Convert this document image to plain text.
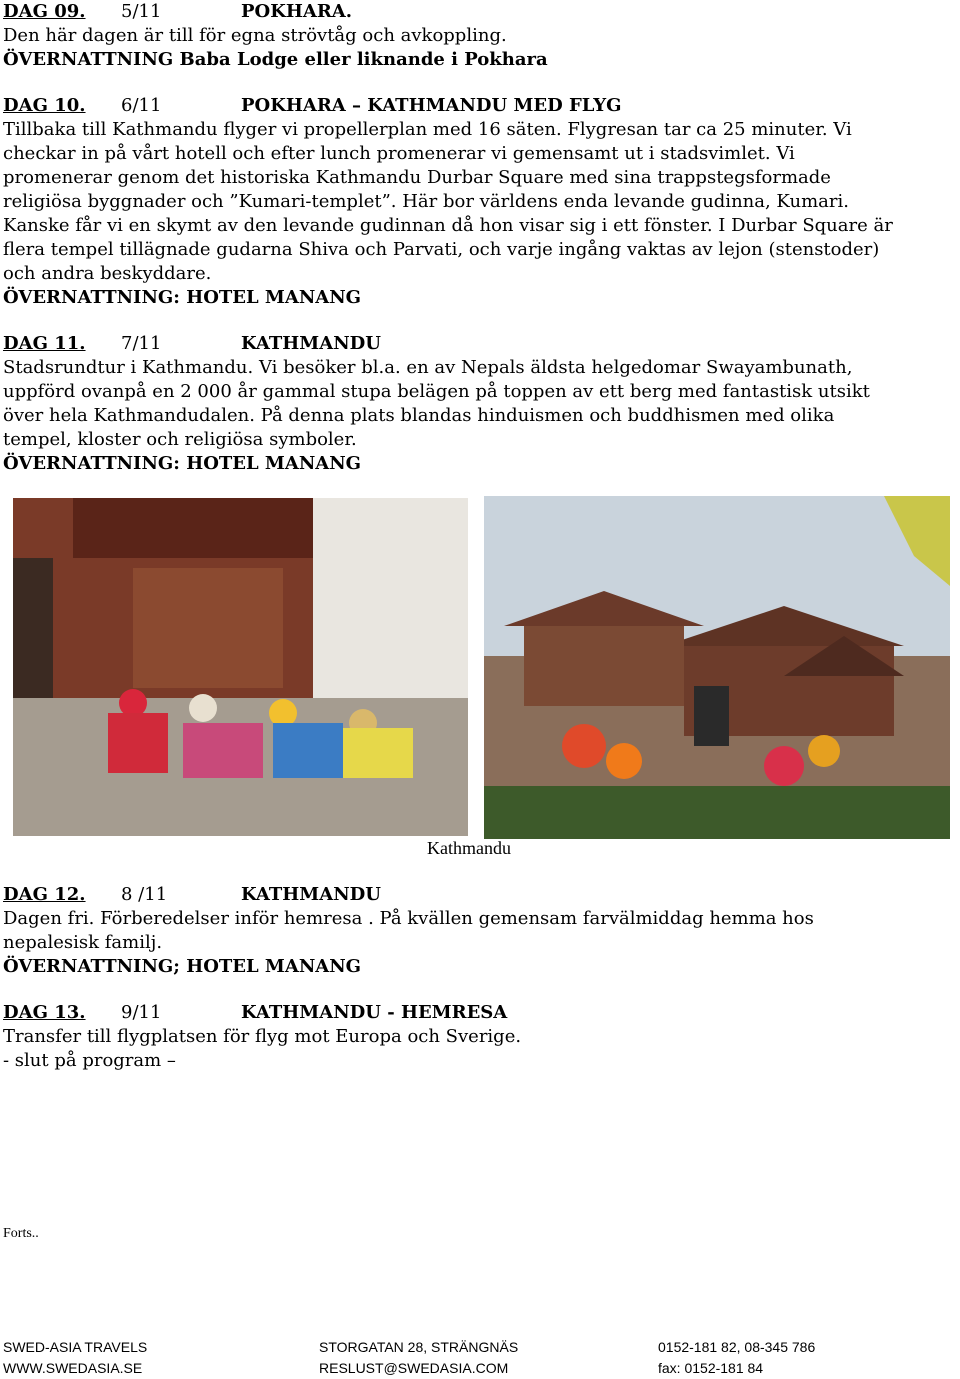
DAG 09. 5/11	POKHARA.
Den här dagen är till för egna strövtåg och avkoppling.
ÖVERNATTNING Baba Lodge eller liknande i Pokhara
DAG 10. 6/11	POKHARA – KATHMANDU MED FLYG
Tillbaka till Kathmandu flyger vi propellerplan med 16 säten. Flygresan tar ca 25 minuter. Vi
checkar in på vårt hotell och efter lunch promenerar vi gemensamt ut i stadsvimlet. Vi
promenerar genom det historiska Kathmandu Durbar Square med sina trappstegsformade
religiösa byggnader och ”Kumari-templet”. Här bor världens enda levande gudinna, Kumari.
Kanske får vi en skymt av den levande gudinnan då hon visar sig i ett fönster. I Durbar Square är
flera tempel tillägnade gudarna Shiva och Parvati, och varje ingång vaktas av lejon (stenstoder)
och andra beskyddare.
ÖVERNATTNING: HOTEL MANANG
DAG 11. 7/11	KATHMANDU
Stadsrundtur i Kathmandu. Vi besöker bl.a. en av Nepals äldsta helgedomar Swayambunath,
uppförd ovanpå en 2 000 år gammal stupa belägen på toppen av ett berg med fantastisk utsikt
över hela Kathmandudalen. På denna plats blandas hinduismen och buddhismen med olika
tempel, kloster och religiösa symboler.
ÖVERNATTNING: HOTEL MANANG
Kathmandu
DAG 12. 8 /11	KATHMANDU
Dagen fri. Förberedelser inför hemresa . På kvällen gemensam farvälmiddag hemma hos
nepalesisk familj.
ÖVERNATTNING; HOTEL MANANG
DAG 13. 9/11	KATHMANDU - HEMRESA
Transfer till flygplatsen för flyg mot Europa och Sverige.
- slut på program –
Forts..
SWED-ASIA TRAVELS	STORGATAN 28, STRÄNGNÄS	0152-181 82, 08-345 786
WWW.SWEDASIA.SE	RESLUST@SWEDASIA.COM	fax: 0152-181 84
